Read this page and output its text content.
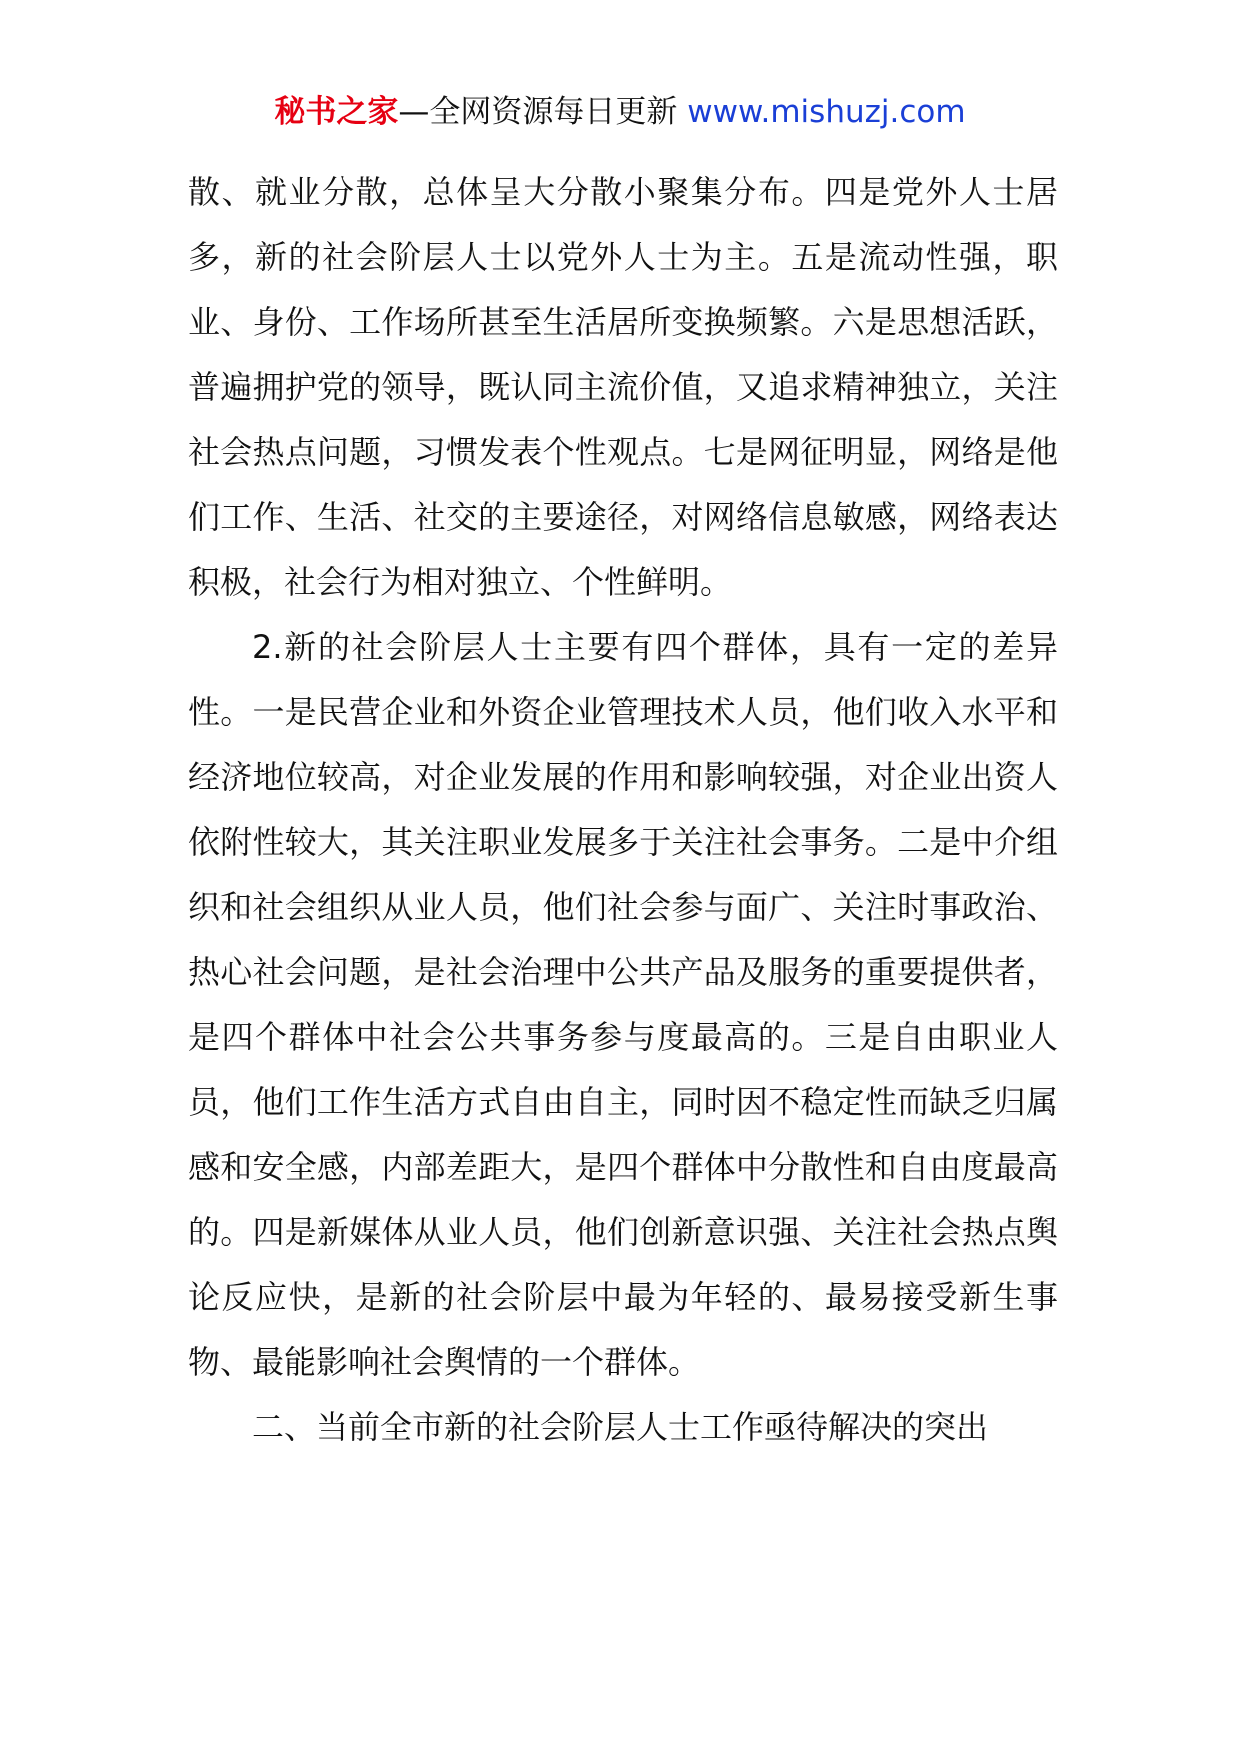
秘书之家—全网资源每日更新 www.mishuzj.com

散、就业分散，总体呈大分散小聚集分布。四是党外人士居多，新的社会阶层人士以党外人士为主。五是流动性强，职业、身份、工作场所甚至生活居所变换频繁。六是思想活跃，普遍拥护党的领导，既认同主流价值，又追求精神独立，关注社会热点问题，习惯发表个性观点。七是网征明显，网络是他们工作、生活、社交的主要途径，对网络信息敏感，网络表达积极，社会行为相对独立、个性鲜明。

2.新的社会阶层人士主要有四个群体，具有一定的差异性。一是民营企业和外资企业管理技术人员，他们收入水平和经济地位较高，对企业发展的作用和影响较强，对企业出资人依附性较大，其关注职业发展多于关注社会事务。二是中介组织和社会组织从业人员，他们社会参与面广、关注时事政治、热心社会问题，是社会治理中公共产品及服务的重要提供者，是四个群体中社会公共事务参与度最高的。三是自由职业人员，他们工作生活方式自由自主，同时因不稳定性而缺乏归属感和安全感，内部差距大，是四个群体中分散性和自由度最高的。四是新媒体从业人员，他们创新意识强、关注社会热点舆论反应快，是新的社会阶层中最为年轻的、最易接受新生事物、最能影响社会舆情的一个群体。

二、当前全市新的社会阶层人士工作亟待解决的突出
